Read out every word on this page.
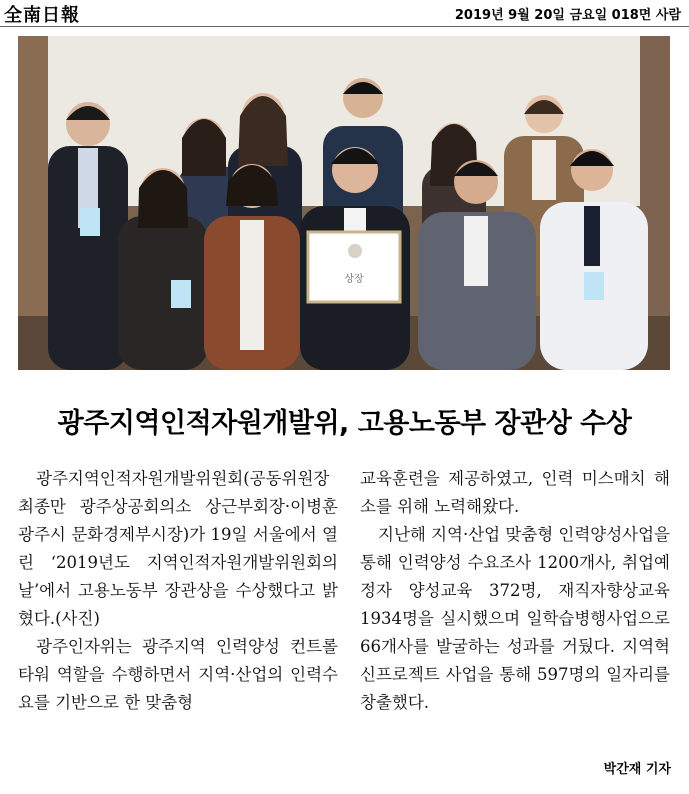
全南日報	2019년 9월 20일 금요일 018면 사람
상장
광주지역인적자원개발위, 고용노동부 장관상 수상

광주지역인적자원개발위원회(공동위원장 최종만 광주상공회의소 상근부회장·이병훈 광주시 문화경제부시장)가 19일 서울에서 열린 ‘2019년도 지역인적자원개발위원회의 날’에서 고용노동부 장관상을 수상했다고 밝혔다.(사진)

광주인자위는 광주지역 인력양성 컨트롤 타워 역할을 수행하면서 지역·산업의 인력수요를 기반으로 한 맞춤형

교육훈련을 제공하였고, 인력 미스매치 해소를 위해 노력해왔다.

지난해 지역·산업 맞춤형 인력양성사업을 통해 인력양성 수요조사 1200개사, 취업예정자 양성교육 372명, 재직자향상교육 1934명을 실시했으며 일학습병행사업으로 66개사를 발굴하는 성과를 거뒀다. 지역혁신프로젝트 사업을 통해 597명의 일자리를 창출했다.

박간재 기자
